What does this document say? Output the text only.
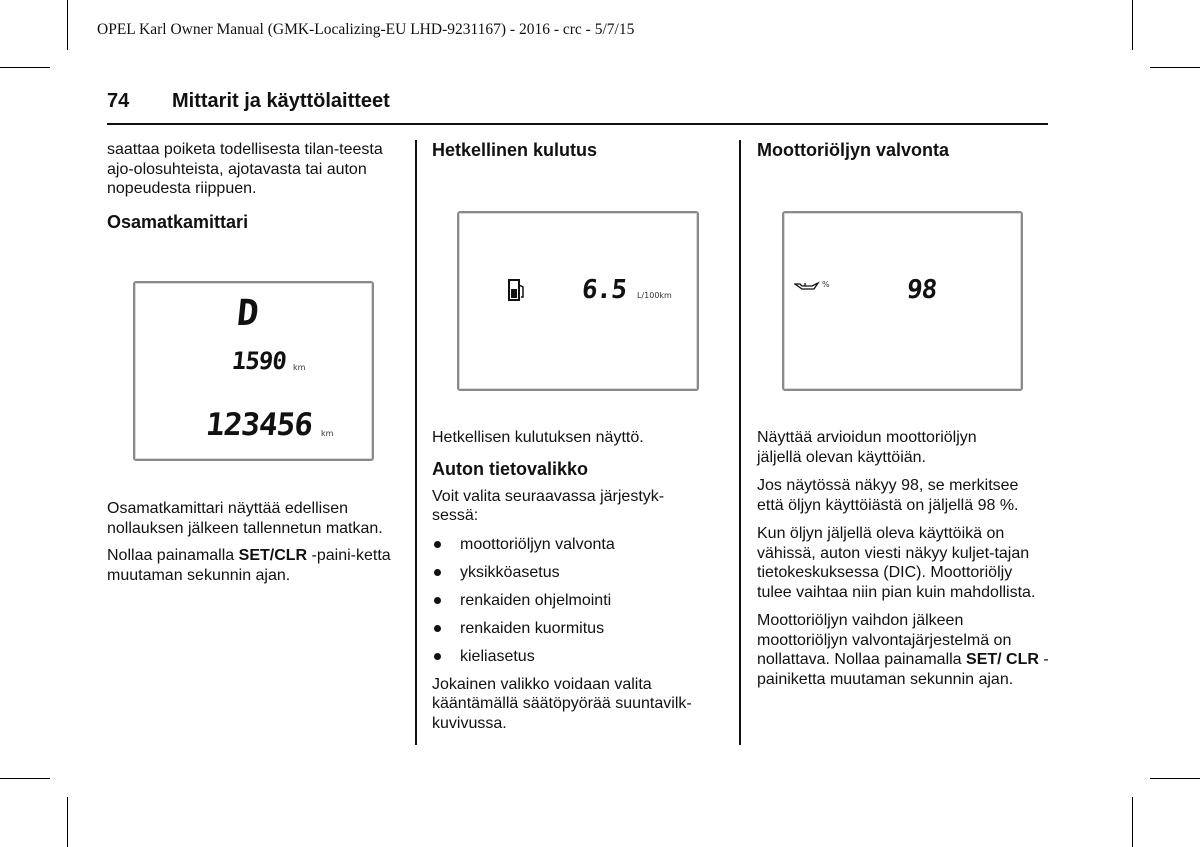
OPEL Karl Owner Manual (GMK-Localizing-EU LHD-9231167) - 2016 - crc - 5/7/15
74 Mittarit ja käyttölaitteet

saattaa poiketa todellisesta tilan-teesta ajo-olosuhteista, ajotavasta tai auton nopeudesta riippuen.

Osamatkamittari
D
1590 km
123456 km

Osamatkamittari näyttää edellisen nollauksen jälkeen tallennetun matkan.

Nollaa painamalla SET/CLR -paini-ketta muutaman sekunnin ajan.

Hetkellinen kulutus
6.5 L/100km

Hetkellisen kulutuksen näyttö.

Auton tietovalikko

Voit valita seuraavassa järjestyk-sessä:

moottoriöljyn valvonta
yksikköasetus
renkaiden ohjelmointi
renkaiden kuormitus
kieliasetus

Jokainen valikko voidaan valita kääntämällä säätöpyörää suuntavilk-kuvivussa.

Moottoriöljyn valvonta
%	98

Näyttää arvioidun moottoriöljyn jäljellä olevan käyttöiän.

Jos näytössä näkyy 98, se merkitsee että öljyn käyttöiästä on jäljellä 98 %.

Kun öljyn jäljellä oleva käyttöikä on vähissä, auton viesti näkyy kuljet-tajan tietokeskuksessa (DIC). Moottoriöljy tulee vaihtaa niin pian kuin mahdollista.

Moottoriöljyn vaihdon jälkeen moottoriöljyn valvontajärjestelmä on nollattava. Nollaa painamalla SET/ CLR -painiketta muutaman sekunnin ajan.
